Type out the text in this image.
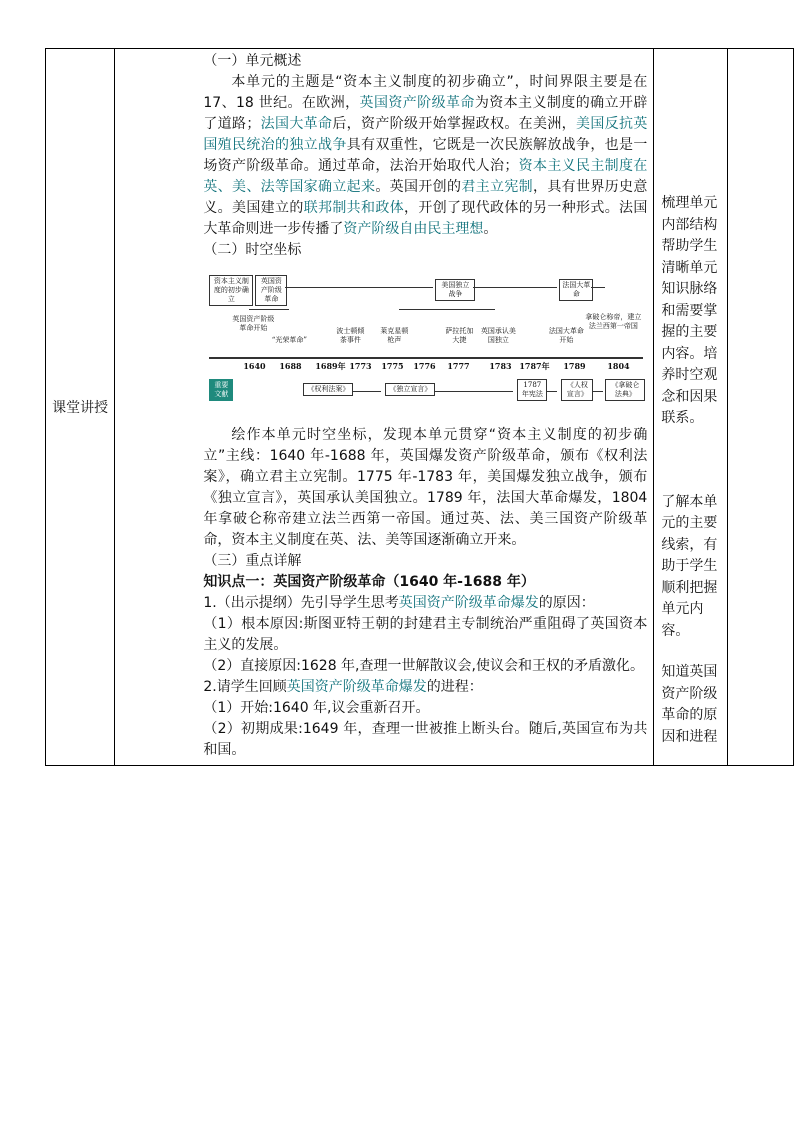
课堂讲授	

（一）单元概述

本单元的主题是“资本主义制度的初步确立”，时间界限主要是在 17、18 世纪。在欧洲，英国资产阶级革命为资本主义制度的确立开辟了道路；法国大革命后，资产阶级开始掌握政权。在美洲，美国反抗英国殖民统治的独立战争具有双重性，它既是一次民族解放战争，也是一场资产阶级革命。通过革命，法治开始取代人治；资本主义民主制度在英、美、法等国家确立起来。英国开创的君主立宪制，具有世界历史意义。美国建立的联邦制共和政体，开创了现代政体的另一种形式。法国大革命则进一步传播了资产阶级自由民主理想。

（二）时空坐标

资本主义制度的初步确立
英国资产阶级革命
美国独立战争
法国大革命
英国资产阶级革命开始
“光荣革命”
波士顿倾茶事件
莱克星顿枪声
萨拉托加大捷
英国承认美国独立
法国大革命开始
拿破仑称帝，建立法兰西第一帝国
1640 1688 1689年 1773 1775 1776 1777 1783 1787年 1789	1804
重要文献
《权利法案》	《独立宣言》	1787年宪法
《人权宣言》
《拿破仑法典》

绘作本单元时空坐标，发现本单元贯穿“资本主义制度的初步确立”主线：1640 年-1688 年，英国爆发资产阶级革命，颁布《权利法案》，确立君主立宪制。1775 年-1783 年，美国爆发独立战争，颁布《独立宣言》，英国承认美国独立。1789 年，法国大革命爆发，1804 年拿破仑称帝建立法兰西第一帝国。通过英、法、美三国资产阶级革命，资本主义制度在英、法、美等国逐渐确立开来。

（三）重点详解

知识点一：英国资产阶级革命（1640 年-1688 年）

1.（出示提纲）先引导学生思考英国资产阶级革命爆发的原因：

（1）根本原因:斯图亚特王朝的封建君主专制统治严重阻碍了英国资本主义的发展。

（2）直接原因:1628 年,查理一世解散议会,使议会和王权的矛盾激化。

2.请学生回顾英国资产阶级革命爆发的进程：

（1）开始:1640 年,议会重新召开。

（2）初期成果:1649 年，查理一世被推上断头台。随后,英国宣布为共和国。

梳理单元内部结构帮助学生清晰单元知识脉络和需要掌握的主要内容。培养时空观念和因果联系。

了解本单元的主要线索，有助于学生顺利把握单元内容。

知道英国资产阶级革命的原因和进程
